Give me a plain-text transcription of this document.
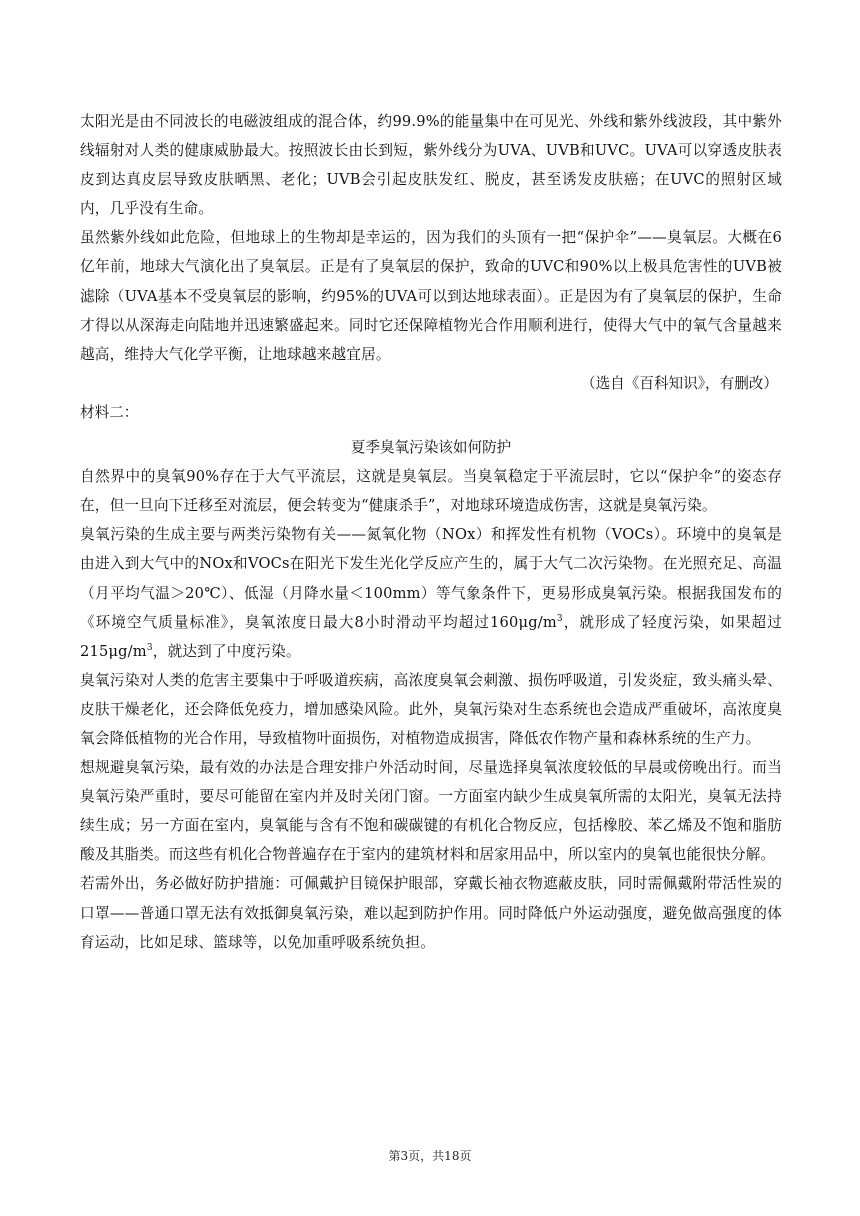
太阳光是由不同波长的电磁波组成的混合体，约99.9%的能量集中在可见光、外线和紫外线波段，其中紫外线辐射对人类的健康威胁最大。按照波长由长到短，紫外线分为UVA、UVB和UVC。UVA可以穿透皮肤表皮到达真皮层导致皮肤晒黑、老化；UVB会引起皮肤发红、脱皮，甚至诱发皮肤癌；在UVC的照射区域内，几乎没有生命。

虽然紫外线如此危险，但地球上的生物却是幸运的，因为我们的头顶有一把“保护伞”——臭氧层。大概在6亿年前，地球大气演化出了臭氧层。正是有了臭氧层的保护，致命的UVC和90%以上极具危害性的UVB被滤除（UVA基本不受臭氧层的影响，约95%的UVA可以到达地球表面）。正是因为有了臭氧层的保护，生命才得以从深海走向陆地并迅速繁盛起来。同时它还保障植物光合作用顺利进行，使得大气中的氧气含量越来越高，维持大气化学平衡，让地球越来越宜居。

（选自《百科知识》，有删改）

材料二：

夏季臭氧污染该如何防护

自然界中的臭氧90%存在于大气平流层，这就是臭氧层。当臭氧稳定于平流层时，它以“保护伞”的姿态存在，但一旦向下迁移至对流层，便会转变为“健康杀手”，对地球环境造成伤害，这就是臭氧污染。

臭氧污染的生成主要与两类污染物有关——氮氧化物（NOx）和挥发性有机物（VOCs）。环境中的臭氧是由进入到大气中的NOx和VOCs在阳光下发生光化学反应产生的，属于大气二次污染物。在光照充足、高温（月平均气温＞20℃）、低湿（月降水量＜100mm）等气象条件下，更易形成臭氧污染。根据我国发布的《环境空气质量标准》，臭氧浓度日最大8小时滑动平均超过$160\mu g/m^3$，就形成了轻度污染，如果超过$215\mu g/m^3$，就达到了中度污染。

臭氧污染对人类的危害主要集中于呼吸道疾病，高浓度臭氧会刺激、损伤呼吸道，引发炎症，致头痛头晕、皮肤干燥老化，还会降低免疫力，增加感染风险。此外，臭氧污染对生态系统也会造成严重破坏，高浓度臭氧会降低植物的光合作用，导致植物叶面损伤，对植物造成损害，降低农作物产量和森林系统的生产力。

想规避臭氧污染，最有效的办法是合理安排户外活动时间，尽量选择臭氧浓度较低的早晨或傍晚出行。而当臭氧污染严重时，要尽可能留在室内并及时关闭门窗。一方面室内缺少生成臭氧所需的太阳光，臭氧无法持续生成；另一方面在室内，臭氧能与含有不饱和碳碳键的有机化合物反应，包括橡胶、苯乙烯及不饱和脂肪酸及其脂类。而这些有机化合物普遍存在于室内的建筑材料和居家用品中，所以室内的臭氧也能很快分解。

若需外出，务必做好防护措施：可佩戴护目镜保护眼部，穿戴长袖衣物遮蔽皮肤，同时需佩戴附带活性炭的口罩——普通口罩无法有效抵御臭氧污染，难以起到防护作用。同时降低户外运动强度，避免做高强度的体育运动，比如足球、篮球等，以免加重呼吸系统负担。

第3页，共18页
